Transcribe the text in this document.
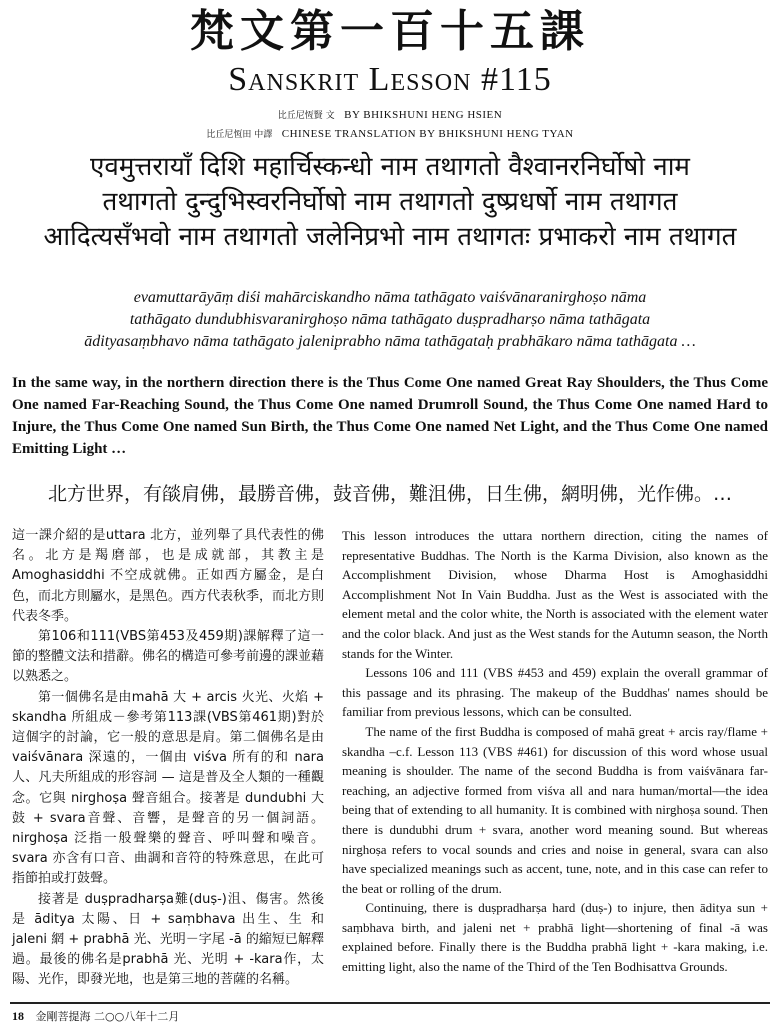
梵文第一百十五課
Sanskrit Lesson #115
比丘尼恆賢 文 BY BHIKSHUNI HENG HSIEN
比丘尼恆田 中譯 CHINESE TRANSLATION BY BHIKSHUNI HENG TYAN
एवमुत्तरायाँ दिशि महार्चिस्कन्धो नाम तथागतो वैश्वानरनिर्घोषो नाम
तथागतो दुन्दुभिस्वरनिर्घोषो नाम तथागतो दुष्प्रधर्षो नाम तथागत
आदित्यसँभवो नाम तथागतो जलेनिप्रभो नाम तथागतः प्रभाकरो नाम तथागत
evamuttarāyāṃ diśi mahārciskandho nāma tathāgato vaiśvānaranirghoṣo nāma
tathāgato dundubhisvaranirghoṣo nāma tathāgato duṣpradharṣo nāma tathāgata
ādityasaṃbhavo nāma tathāgato jaleniprabho nāma tathāgataḥ prabhākaro nāma tathāgata …
In the same way, in the northern direction there is the Thus Come One named Great Ray Shoulders, the Thus Come One named Far-Reaching Sound, the Thus Come One named Drumroll Sound, the Thus Come One named Hard to Injure, the Thus Come One named Sun Birth, the Thus Come One named Net Light, and the Thus Come One named Emitting Light …
北方世界，有燄肩佛，最勝音佛，鼓音佛，難沮佛，日生佛，網明佛，光作佛。…

這一課介紹的是uttara 北方，並列舉了具代表性的佛名。北方是羯磨部，也是成就部，其教主是 Amoghasiddhi 不空成就佛。正如西方屬金，是白色，而北方則屬水，是黑色。西方代表秋季，而北方則代表冬季。

第106和111(VBS第453及459期)課解釋了這一節的整體文法和措辭。佛名的構造可參考前邊的課並藉以熟悉之。

第一個佛名是由mahā 大 + arcis 火光、火焰 + skandha 所組成－參考第113課(VBS第461期)對於這個字的討論，它一般的意思是肩。第二個佛名是由vaiśvānara 深遠的，一個由 viśva 所有的和 nara 人、凡夫所組成的形容詞 — 這是普及全人類的一種觀念。它與 nirghoṣa 聲音組合。接著是 dundubhi 大鼓 + svara音聲、音響，是聲音的另一個詞語。nirghoṣa 泛指一般聲樂的聲音、呼叫聲和噪音。svara 亦含有口音、曲調和音符的特殊意思，在此可指節拍或打鼓聲。

接著是 duṣpradharṣa難(duṣ-)沮、傷害。然後是 āditya 太陽、日 + saṃbhava 出生、生 和 jaleni 網 + prabhā 光、光明－字尾 -ā 的縮短已解釋過。最後的佛名是prabhā 光、光明 + -kara作，太陽、光作，即發光地，也是第三地的菩薩的名稱。

This lesson introduces the uttara northern direction, citing the names of representative Buddhas. The North is the Karma Division, also known as the Accomplishment Division, whose Dharma Host is Amoghasiddhi Accomplishment Not In Vain Buddha. Just as the West is associated with the element metal and the color white, the North is associated with the element water and the color black. And just as the West stands for the Autumn season, the North stands for the Winter.

Lessons 106 and 111 (VBS #453 and 459) explain the overall grammar of this passage and its phrasing. The makeup of the Buddhas' names should be familiar from previous lessons, which can be consulted.

The name of the first Buddha is composed of mahā great + arcis ray/flame + skandha –c.f. Lesson 113 (VBS #461) for discussion of this word whose usual meaning is shoulder. The name of the second Buddha is from vaiśvānara far-reaching, an adjective formed from viśva all and nara human/mortal—the idea being that of extending to all humanity. It is combined with nirghoṣa sound. Then there is dundubhi drum + svara, another word meaning sound. But whereas nirghoṣa refers to vocal sounds and cries and noise in general, svara can also have specialized meanings such as accent, tune, note, and in this case can refer to the beat or rolling of the drum.

Continuing, there is duṣpradharṣa hard (duṣ-) to injure, then āditya sun + saṃbhava birth, and jaleni net + prabhā light—shortening of final -ā was explained before. Finally there is the Buddha prabhā light + -kara making, i.e. emitting light, also the name of the Third of the Ten Bodhisattva Grounds.

18 金剛菩提海 二○○八年十二月
